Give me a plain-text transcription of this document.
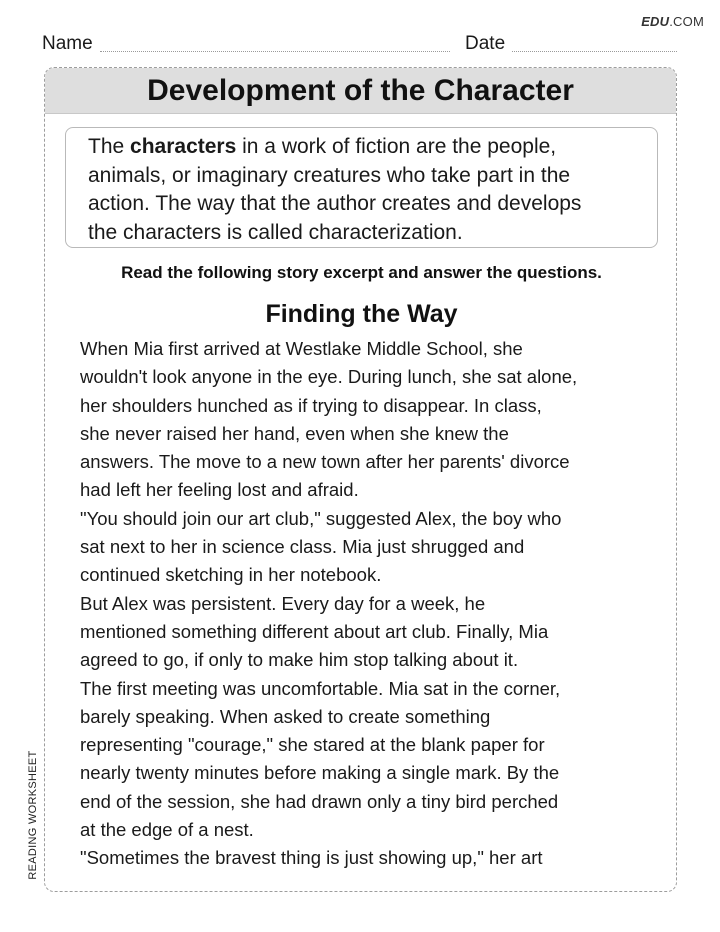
EDU.COM
Name	Date
READING WORKSHEET
Development of the Character
The characters in a work of fiction are the people,
animals, or imaginary creatures who take part in the
action. The way that the author creates and develops
the characters is called characterization.
Read the following story excerpt and answer the questions.
Finding the Way
When Mia first arrived at Westlake Middle School, she
wouldn't look anyone in the eye. During lunch, she sat alone,
her shoulders hunched as if trying to disappear. In class,
she never raised her hand, even when she knew the
answers. The move to a new town after her parents' divorce
had left her feeling lost and afraid.
"You should join our art club," suggested Alex, the boy who
sat next to her in science class. Mia just shrugged and
continued sketching in her notebook.
But Alex was persistent. Every day for a week, he
mentioned something different about art club. Finally, Mia
agreed to go, if only to make him stop talking about it.
The first meeting was uncomfortable. Mia sat in the corner,
barely speaking. When asked to create something
representing "courage," she stared at the blank paper for
nearly twenty minutes before making a single mark. By the
end of the session, she had drawn only a tiny bird perched
at the edge of a nest.
"Sometimes the bravest thing is just showing up," her art
